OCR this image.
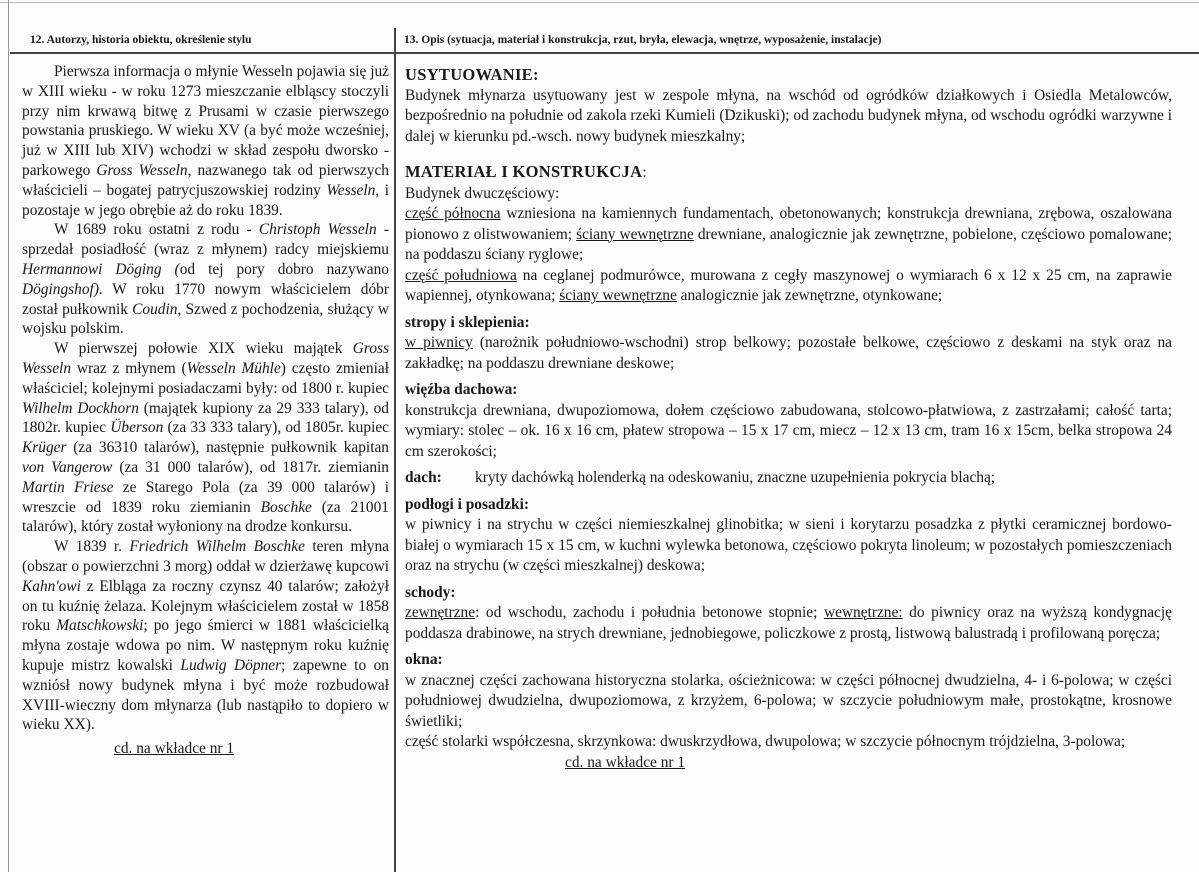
12. Autorzy, historia obiektu, określenie stylu	13. Opis (sytuacja, materiał i konstrukcja, rzut, bryła, elewacja, wnętrze, wyposażenie, instalacje)

Pierwsza informacja o młynie Wesseln pojawia się już w XIII wieku - w roku 1273 mieszczanie elbląscy stoczyli przy nim krwawą bitwę z Prusami w czasie pierwszego powstania pruskiego. W wieku XV (a być może wcześniej, już w XIII lub XIV) wchodzi w skład zespołu dworsko - parkowego Gross Wesseln, nazwanego tak od pierwszych właścicieli – bogatej patrycjuszowskiej rodziny Wesseln, i pozostaje w jego obrębie aż do roku 1839.

W 1689 roku ostatni z rodu - Christoph Wesseln - sprzedał posiadłość (wraz z młynem) radcy miejskiemu Hermannowi Döging (od tej pory dobro nazywano Dögingshof). W roku 1770 nowym właścicielem dóbr został pułkownik Coudin, Szwed z pochodzenia, służący w wojsku polskim.

W pierwszej połowie XIX wieku majątek Gross Wesseln wraz z młynem (Wesseln Mühle) często zmieniał właściciel; kolejnymi posiadaczami były: od 1800 r. kupiec Wilhelm Dockhorn (majątek kupiony za 29 333 talary), od 1802r. kupiec Überson (za 33 333 talary), od 1805r. kupiec Krüger (za 36310 talarów), następnie pułkownik kapitan von Vangerow (za 31 000 talarów), od 1817r. ziemianin Martin Friese ze Starego Pola (za 39 000 talarów) i wreszcie od 1839 roku ziemianin Boschke (za 21001 talarów), który został wyłoniony na drodze konkursu.

W 1839 r. Friedrich Wilhelm Boschke teren młyna (obszar o powierzchni 3 morg) oddał w dzierżawę kupcowi Kahn'owi z Elbląga za roczny czynsz 40 talarów; założył on tu kuźnię żelaza. Kolejnym właścicielem został w 1858 roku Matschkowski; po jego śmierci w 1881 właścicielką młyna zostaje wdowa po nim. W następnym roku kuźnię kupuje mistrz kowalski Ludwig Döpner; zapewne to on wzniósł nowy budynek młyna i być może rozbudował XVIII-wieczny dom młynarza (lub nastąpiło to dopiero w wieku XX).

cd. na wkładce nr 1

USYTUOWANIE:
Budynek młynarza usytuowany jest w zespole młyna, na wschód od ogródków działkowych i Osiedla Metalowców, bezpośrednio na południe od zakola rzeki Kumieli (Dzikuski); od zachodu budynek młyna, od wschodu ogródki warzywne i dalej w kierunku pd.-wsch. nowy budynek mieszkalny;
MATERIAŁ I KONSTRUKCJA:
Budynek dwuczęściowy:
część północna wzniesiona na kamiennych fundamentach, obetonowanych; konstrukcja drewniana, zrębowa, oszalowana pionowo z olistwowaniem; ściany wewnętrzne drewniane, analogicznie jak zewnętrzne, pobielone, częściowo pomalowane; na poddaszu ściany ryglowe;
część południowa na ceglanej podmurówce, murowana z cegły maszynowej o wymiarach 6 x 12 x 25 cm, na zaprawie wapiennej, otynkowana; ściany wewnętrzne analogicznie jak zewnętrzne, otynkowane;
stropy i sklepienia:
w piwnicy (narożnik południowo-wschodni) strop belkowy; pozostałe belkowe, częściowo z deskami na styk oraz na zakładkę; na poddaszu drewniane deskowe;
więźba dachowa:
konstrukcja drewniana, dwupoziomowa, dołem częściowo zabudowana, stolcowo-płatwiowa, z zastrzałami; całość tarta; wymiary: stolec – ok. 16 x 16 cm, płatew stropowa – 15 x 17 cm, miecz – 12 x 13 cm, tram 16 x 15cm, belka stropowa 24 cm szerokości;
dach: kryty dachówką holenderką na odeskowaniu, znaczne uzupełnienia pokrycia blachą;
podłogi i posadzki:
w piwnicy i na strychu w części niemieszkalnej glinobitka; w sieni i korytarzu posadzka z płytki ceramicznej bordowo-białej o wymiarach 15 x 15 cm, w kuchni wylewka betonowa, częściowo pokryta linoleum; w pozostałych pomieszczeniach oraz na strychu (w części mieszkalnej) deskowa;
schody:
zewnętrzne: od wschodu, zachodu i południa betonowe stopnie; wewnętrzne: do piwnicy oraz na wyższą kondygnację poddasza drabinowe, na strych drewniane, jednobiegowe, policzkowe z prostą, listwową balustradą i profilowaną poręcza;
okna:
w znacznej części zachowana historyczna stolarka, ościeżnicowa: w części północnej dwudzielna, 4- i 6-polowa; w części południowej dwudzielna, dwupoziomowa, z krzyżem, 6-polowa; w szczycie południowym małe, prostokątne, krosnowe świetliki;
część stolarki współczesna, skrzynkowa: dwuskrzydłowa, dwupolowa; w szczycie północnym trójdzielna, 3-polowa;
cd. na wkładce nr 1
